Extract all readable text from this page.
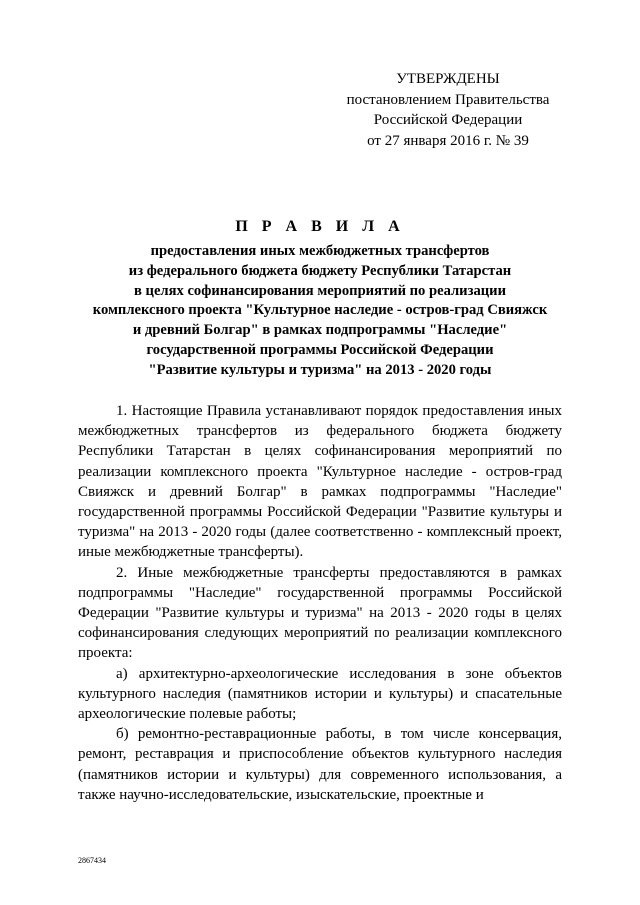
УТВЕРЖДЕНЫ
постановлением Правительства
Российской Федерации
от 27 января 2016 г. № 39
П Р А В И Л А
предоставления иных межбюджетных трансфертов
из федерального бюджета бюджету Республики Татарстан
в целях софинансирования мероприятий по реализации
комплексного проекта "Культурное наследие - остров-град Свияжск
и древний Болгар" в рамках подпрограммы "Наследие"
государственной программы Российской Федерации
"Развитие культуры и туризма" на 2013 - 2020 годы

1. Настоящие Правила устанавливают порядок предоставления иных межбюджетных трансфертов из федерального бюджета бюджету Республики Татарстан в целях софинансирования мероприятий по реализации комплексного проекта "Культурное наследие - остров-град Свияжск и древний Болгар" в рамках подпрограммы "Наследие" государственной программы Российской Федерации "Развитие культуры и туризма" на 2013 - 2020 годы (далее соответственно - комплексный проект, иные межбюджетные трансферты).

2. Иные межбюджетные трансферты предоставляются в рамках подпрограммы "Наследие" государственной программы Российской Федерации "Развитие культуры и туризма" на 2013 - 2020 годы в целях софинансирования следующих мероприятий по реализации комплексного проекта:

а) архитектурно-археологические исследования в зоне объектов культурного наследия (памятников истории и культуры) и спасательные археологические полевые работы;

б) ремонтно-реставрационные работы, в том числе консервация, ремонт, реставрация и приспособление объектов культурного наследия (памятников истории и культуры) для современного использования, а также научно-исследовательские, изыскательские, проектные и

2867434
